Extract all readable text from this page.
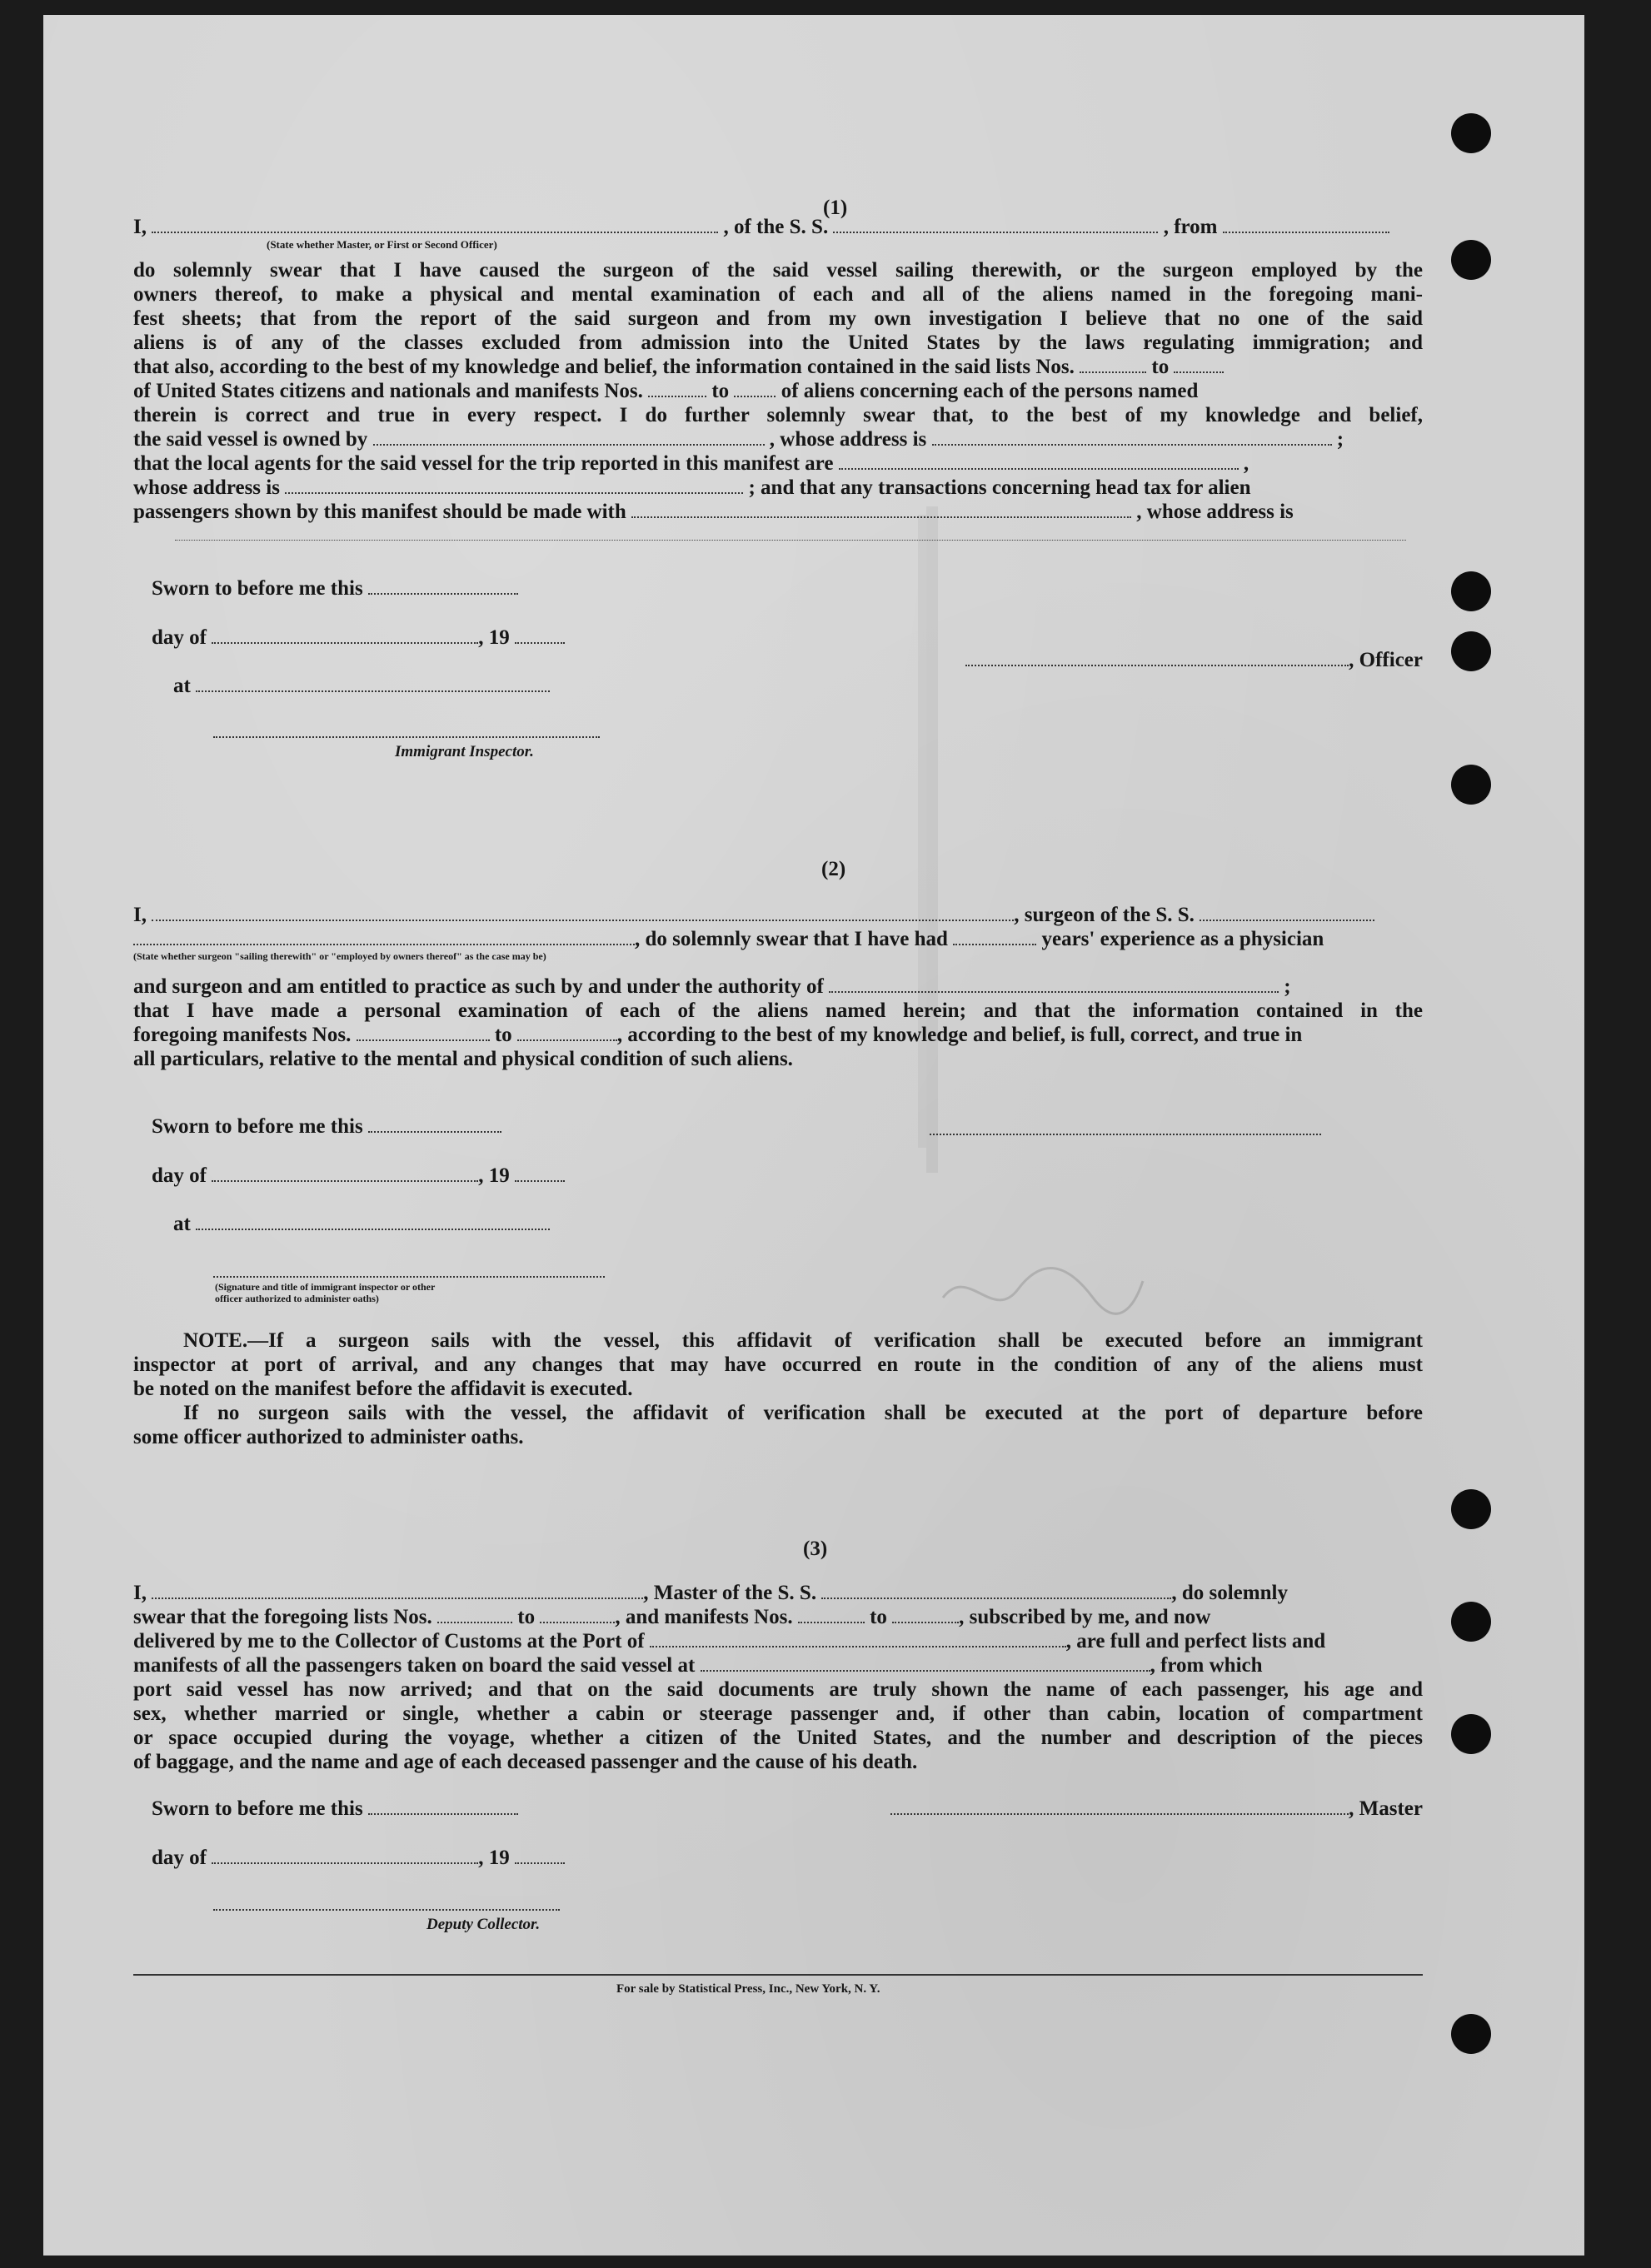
(1)
I,	, of the S. S.	, from
(State whether Master, or First or Second Officer)
do solemnly swear that I have caused the surgeon of the said vessel sailing therewith, or the surgeon employed by the
owners thereof, to make a physical and mental examination of each and all of the aliens named in the foregoing mani-
fest sheets; that from the report of the said surgeon and from my own investigation I believe that no one of the said
aliens is of any of the classes excluded from admission into the United States by the laws regulating immigration; and
that also, according to the best of my knowledge and belief, the information contained in the said lists Nos.	to
of United States citizens and nationals and manifests Nos.	to	of aliens concerning each of the persons named
therein is correct and true in every respect. I do further solemnly swear that, to the best of my knowledge and belief,
the said vessel is owned by	, whose address is	;
that the local agents for the said vessel for the trip reported in this manifest are	,
whose address is	; and that any transactions concerning head tax for alien
passengers shown by this manifest should be made with	, whose address is
Sworn to before me this
day of	, 19
, Officer
at
Immigrant Inspector.
(2)
I,	, surgeon of the S. S.
, do solemnly swear that I have had	years' experience as a physician
(State whether surgeon "sailing therewith" or "employed by owners thereof" as the case may be)
and surgeon and am entitled to practice as such by and under the authority of	;
that I have made a personal examination of each of the aliens named herein; and that the information contained in the
foregoing manifests Nos.	to	, according to the best of my knowledge and belief, is full, correct, and true in
all particulars, relative to the mental and physical condition of such aliens.
Sworn to before me this
day of	, 19
at
(Signature and title of immigrant inspector or other officer authorized to administer oaths)
NOTE.—If a surgeon sails with the vessel, this affidavit of verification shall be executed before an immigrant
inspector at port of arrival, and any changes that may have occurred en route in the condition of any of the aliens must
be noted on the manifest before the affidavit is executed.
If no surgeon sails with the vessel, the affidavit of verification shall be executed at the port of departure before
some officer authorized to administer oaths.
(3)
I,	, Master of the S. S.	, do solemnly
swear that the foregoing lists Nos.	to	, and manifests Nos.	to	, subscribed by me, and now
delivered by me to the Collector of Customs at the Port of	, are full and perfect lists and
manifests of all the passengers taken on board the said vessel at	, from which
port said vessel has now arrived; and that on the said documents are truly shown the name of each passenger, his age and
sex, whether married or single, whether a cabin or steerage passenger and, if other than cabin, location of compartment
or space occupied during the voyage, whether a citizen of the United States, and the number and description of the pieces
of baggage, and the name and age of each deceased passenger and the cause of his death.
Sworn to before me this	, Master
day of	, 19
Deputy Collector.
For sale by Statistical Press, Inc., New York, N. Y.
